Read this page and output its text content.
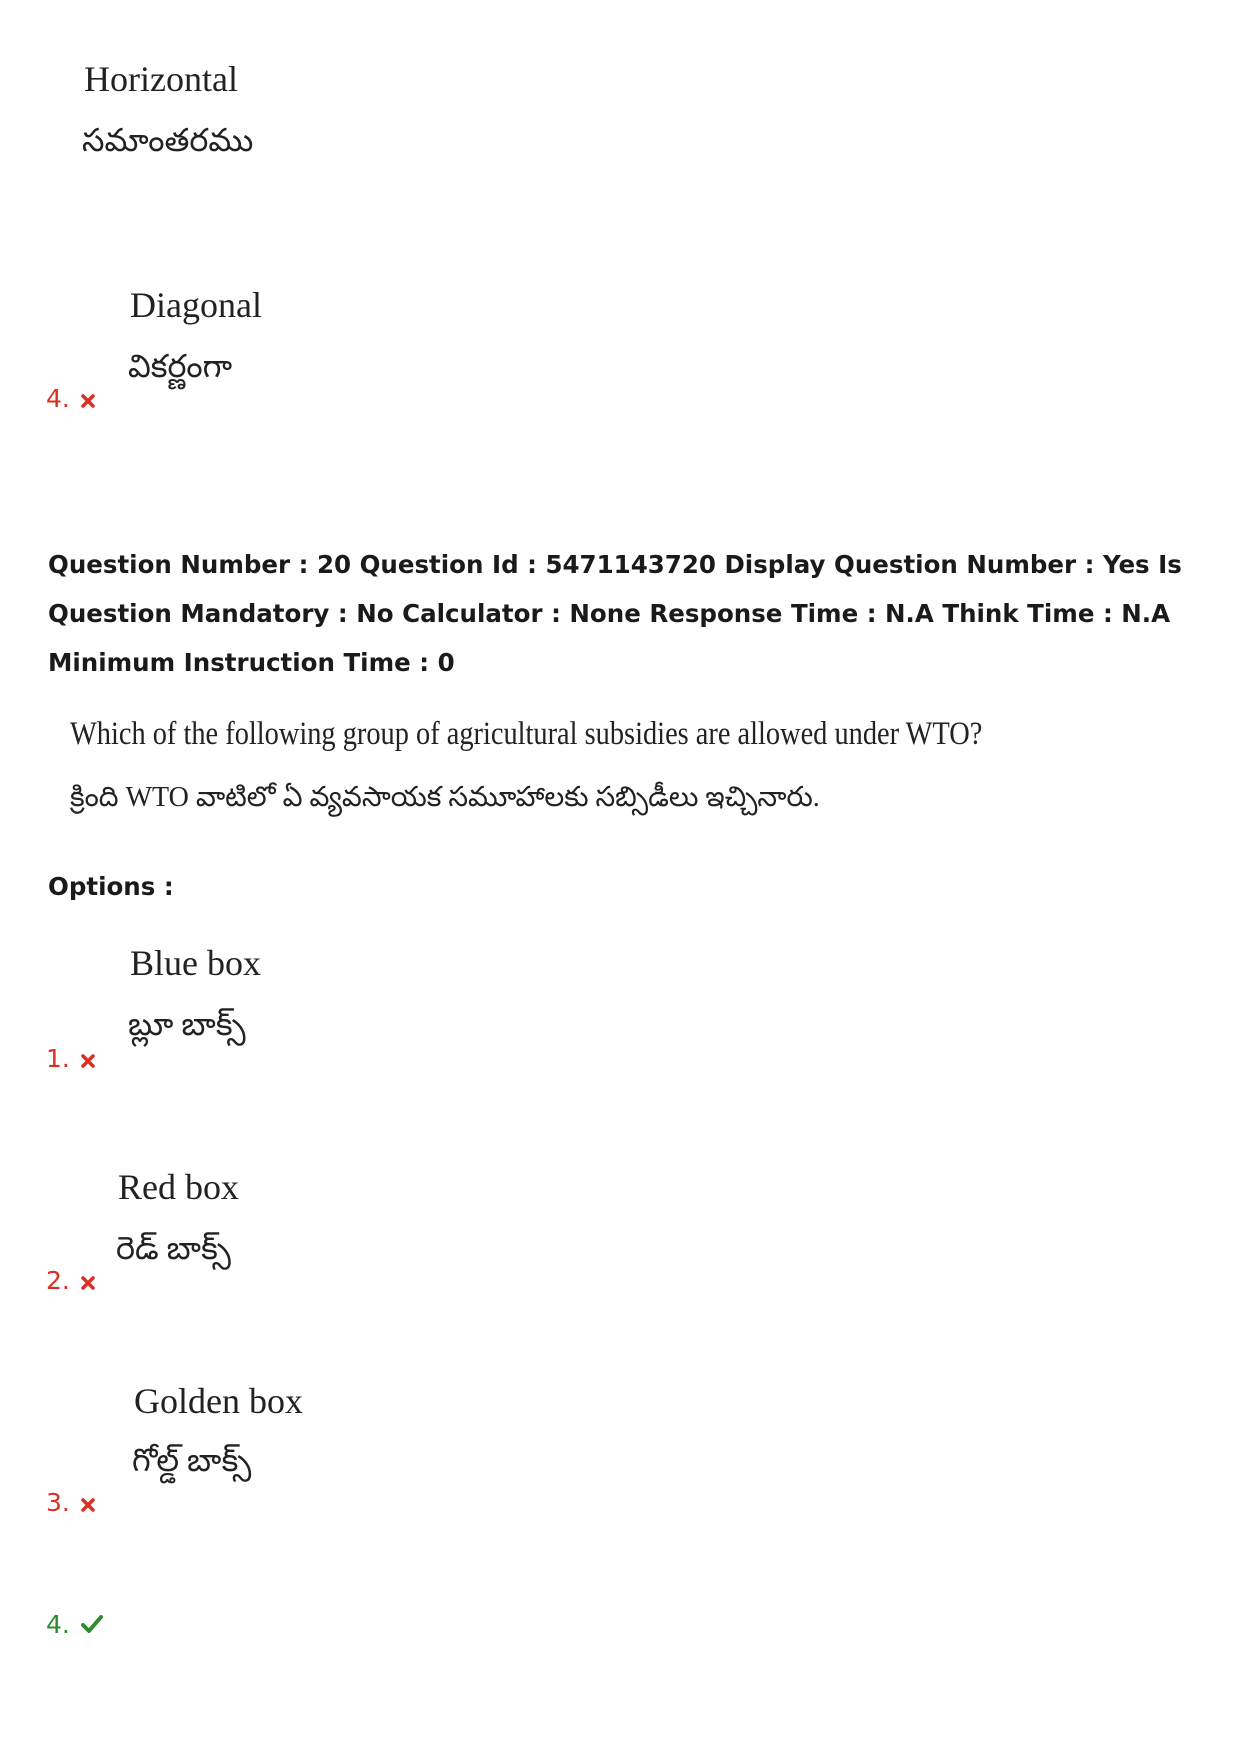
Horizontal
సమాంతరము
Diagonal
వికర్ణంగా
4.
Question Number : 20 Question Id : 5471143720 Display Question Number : Yes Is Question Mandatory : No Calculator : None Response Time : N.A Think Time : N.A Minimum Instruction Time : 0
Which of the following group of agricultural subsidies are allowed under WTO?
క్రింది WTO వాటిలో ఏ వ్యవసాయక సమూహాలకు సబ్సిడీలు ఇచ్చినారు.
Options :
Blue box
బ్లూ బాక్స్
1.
Red box
రెడ్ బాక్స్
2.
Golden box
గోల్డ్ బాక్స్
3.
4.
